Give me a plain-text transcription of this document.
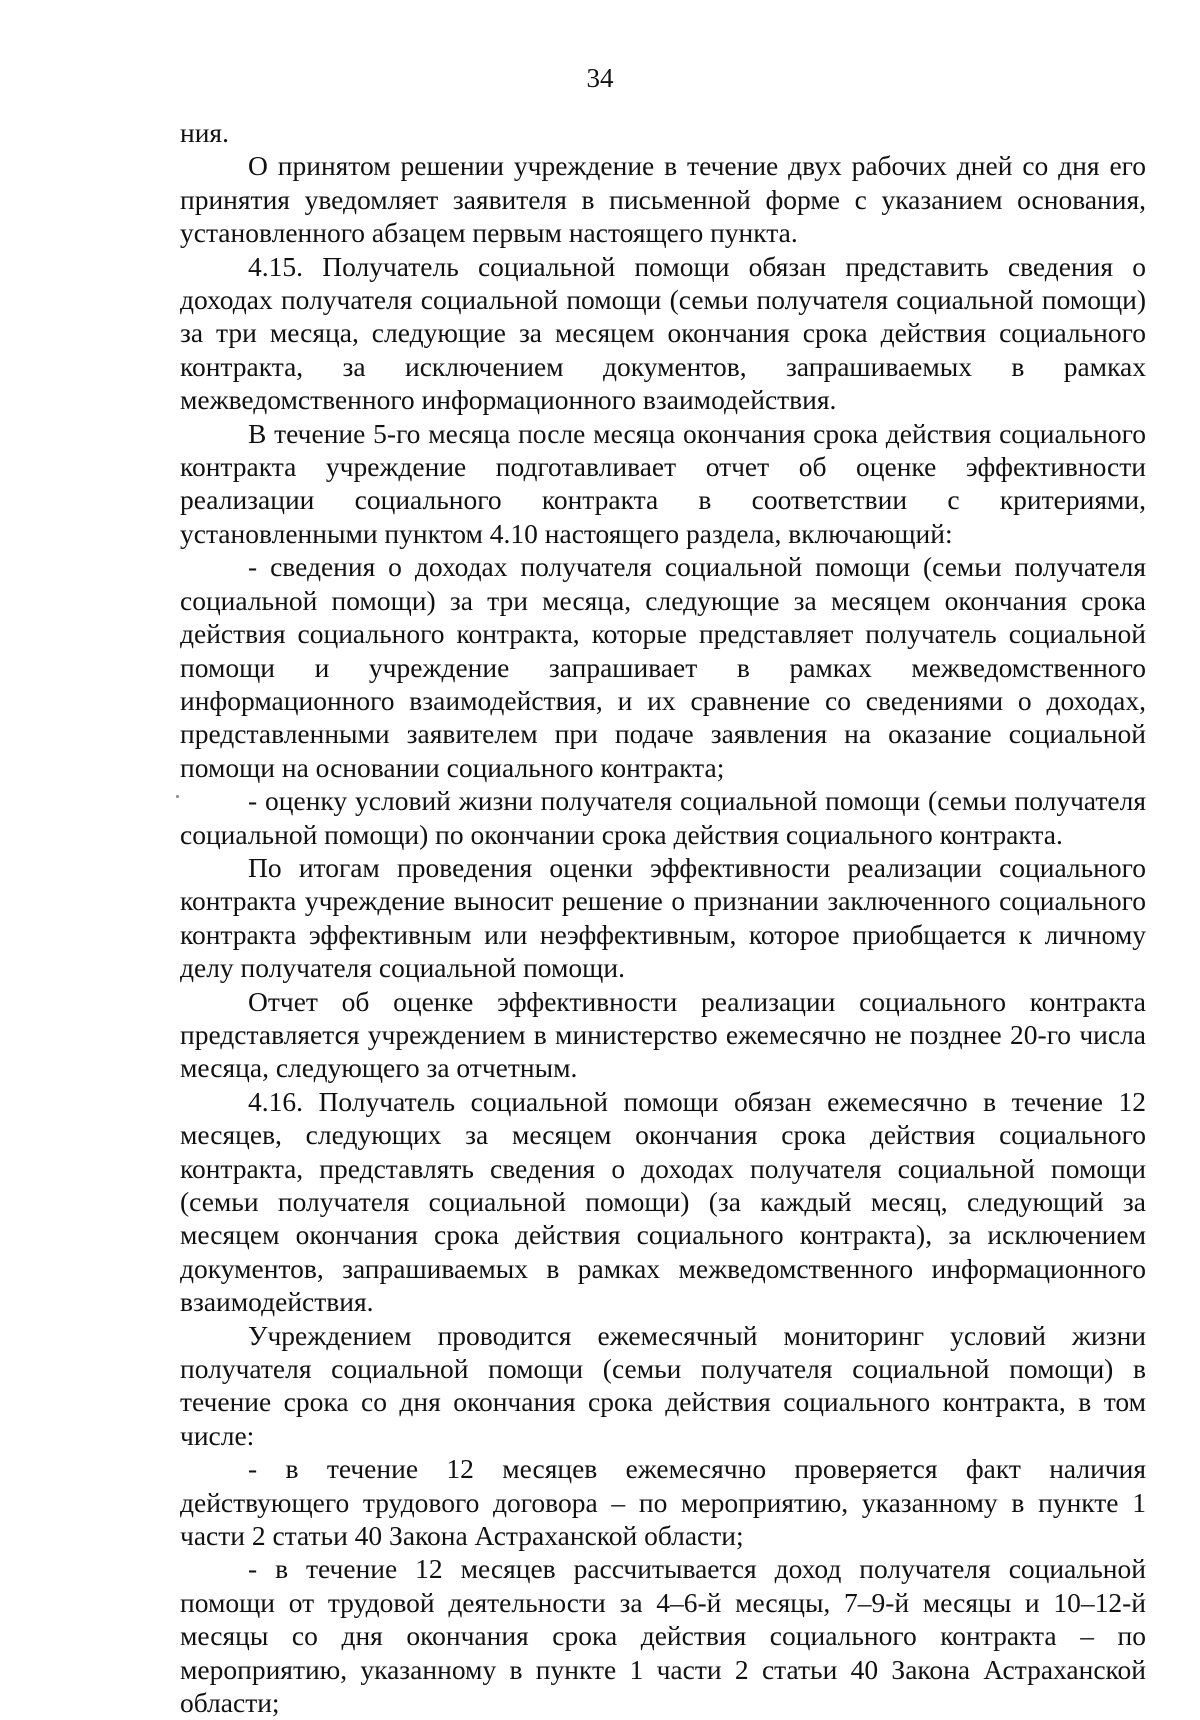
34

ния.

О принятом решении учреждение в течение двух рабочих дней со дня его принятия уведомляет заявителя в письменной форме с указанием основания, установленного абзацем первым настоящего пункта.

4.15. Получатель социальной помощи обязан представить сведения о доходах получателя социальной помощи (семьи получателя социальной помощи) за три месяца, следующие за месяцем окончания срока действия социального контракта, за исключением документов, запрашиваемых в рамках межведомственного информационного взаимодействия.

В течение 5-го месяца после месяца окончания срока действия социального контракта учреждение подготавливает отчет об оценке эффективности реализации социального контракта в соответствии с критериями, установленными пунктом 4.10 настоящего раздела, включающий:

- сведения о доходах получателя социальной помощи (семьи получателя социальной помощи) за три месяца, следующие за месяцем окончания срока действия социального контракта, которые представляет получатель социальной помощи и учреждение запрашивает в рамках межведомственного информационного взаимодействия, и их сравнение со сведениями о доходах, представленными заявителем при подаче заявления на оказание социальной помощи на основании социального контракта;

- оценку условий жизни получателя социальной помощи (семьи получателя социальной помощи) по окончании срока действия социального контракта.

По итогам проведения оценки эффективности реализации социального контракта учреждение выносит решение о признании заключенного социального контракта эффективным или неэффективным, которое приобщается к личному делу получателя социальной помощи.

Отчет об оценке эффективности реализации социального контракта представляется учреждением в министерство ежемесячно не позднее 20-го числа месяца, следующего за отчетным.

4.16. Получатель социальной помощи обязан ежемесячно в течение 12 месяцев, следующих за месяцем окончания срока действия социального контракта, представлять сведения о доходах получателя социальной помощи (семьи получателя социальной помощи) (за каждый месяц, следующий за месяцем окончания срока действия социального контракта), за исключением документов, запрашиваемых в рамках межведомственного информационного взаимодействия.

Учреждением проводится ежемесячный мониторинг условий жизни получателя социальной помощи (семьи получателя социальной помощи) в течение срока со дня окончания срока действия социального контракта, в том числе:

- в течение 12 месяцев ежемесячно проверяется факт наличия действующего трудового договора – по мероприятию, указанному в пункте 1 части 2 статьи 40 Закона Астраханской области;

- в течение 12 месяцев рассчитывается доход получателя социальной помощи от трудовой деятельности за 4–6-й месяцы, 7–9-й месяцы и 10–12-й месяцы со дня окончания срока действия социального контракта – по мероприятию, указанному в пункте 1 части 2 статьи 40 Закона Астраханской области;
